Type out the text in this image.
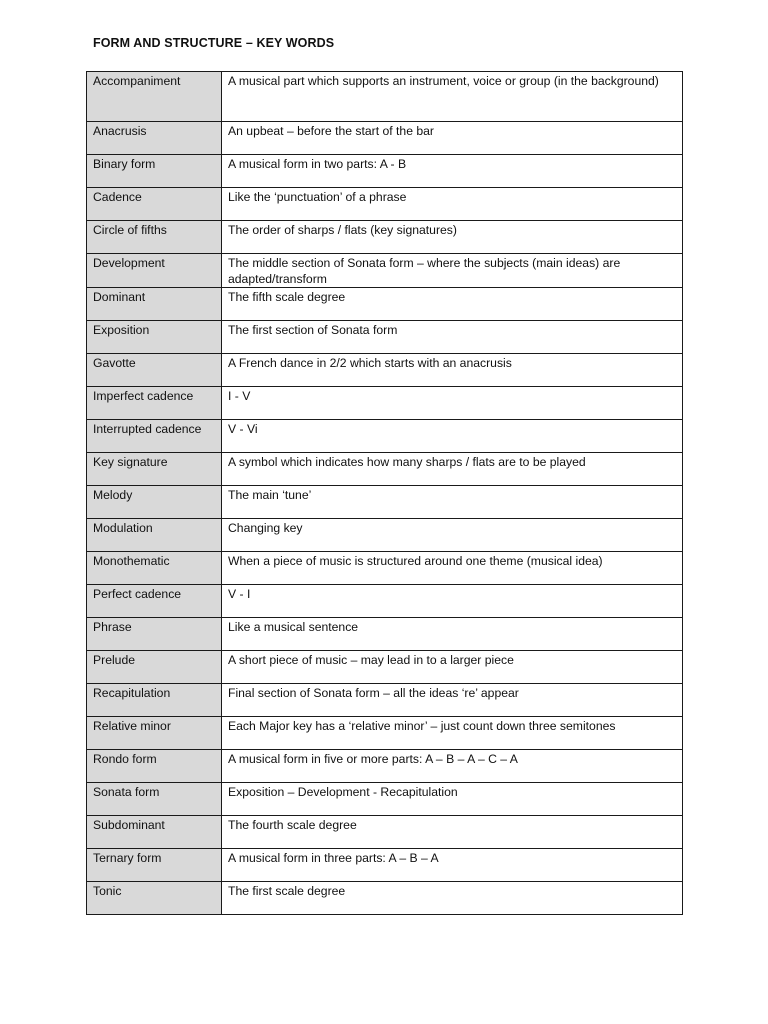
FORM AND STRUCTURE – KEY WORDS
Accompaniment	A musical part which supports an instrument, voice or group (in the background)
Anacrusis	An upbeat – before the start of the bar
Binary form	A musical form in two parts: A - B
Cadence	Like the ‘punctuation’ of a phrase
Circle of fifths	The order of sharps / flats (key signatures)
Development	The middle section of Sonata form – where the subjects (main ideas) are adapted/transform
Dominant	The fifth scale degree
Exposition	The first section of Sonata form
Gavotte	A French dance in 2/2 which starts with an anacrusis
Imperfect cadence	I - V
Interrupted cadence	V - Vi
Key signature	A symbol which indicates how many sharps / flats are to be played
Melody	The main ‘tune’
Modulation	Changing key
Monothematic	When a piece of music is structured around one theme (musical idea)
Perfect cadence	V - I
Phrase	Like a musical sentence
Prelude	A short piece of music – may lead in to a larger piece
Recapitulation	Final section of Sonata form – all the ideas ‘re’ appear
Relative minor	Each Major key has a ‘relative minor’ – just count down three semitones
Rondo form	A musical form in five or more parts: A – B – A – C – A
Sonata form	Exposition – Development - Recapitulation
Subdominant	The fourth scale degree
Ternary form	A musical form in three parts: A – B – A
Tonic	The first scale degree
